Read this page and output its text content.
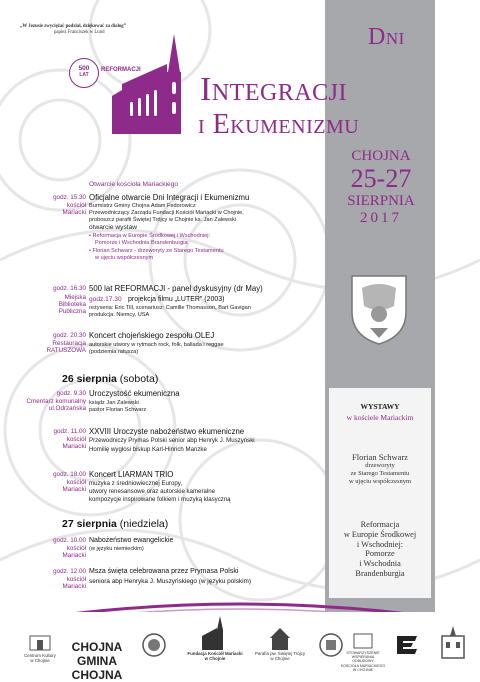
„W Jezusie zwyciężać podział, dziękować za dialog”
papież Franciszek w Lund
500
LAT
REFORMACJI
Dni
Integracji
i Ekumenizmu
CHOJNA
25-27
SIERPNIA
2017
Otwarcie kościoła Mariackiego
godz. 15.30
kościół
Mariacki
Oficjalne otwarcie Dni Integracji i Ekumenizmu
Burmistrz Gminy Chojna Adam Fedorowicz
Przewodniczący Zarządu Fundacji Kościół Mariacki w Chojnie,
proboszcz parafii Świętej Trójcy w Chojnie ks. Jan Zalewski
otwarcie wystaw
• Reformacja w Europie Środkowej i Wschodniej:
Pomorze i Wschodnia Brandenburgia
• Florian Schwarz - drzeworyty ze Starego Testamentu
w ujęciu współczesnym
godz. 16.30
Miejska
Biblioteka
Publiczna
500 lat REFORMACJI - panel dyskusyjny (dr May)
godz.17.30 projekcja filmu „LUTER” (2003)
reżyseria: Eric Till, scenariusz: Camille Thomasson, Bart Gavigan
produkcja: Niemcy, USA
godz. 20.30
Restauracja
RATUSZOWA
Koncert chojeńskiego zespołu OLEJ
autorskie utwory w rytmach rock, folk, ballada i reggae
(podziemia ratusza)
26 sierpnia (sobota)
godz. 9.30
Cmentarz komunalny
ul.Odrzańska
Uroczystość ekumeniczna
ksiądz Jan Zalewski
pastor Florian Schwarz
godz. 11.00
kościół
Mariacki
XXVIII Uroczyste nabożeństwo ekumeniczne
Przewodniczy Prymas Polski senior abp Henryk J. Muszyński
Homilię wygłosi biskup Karl-Hinrich Manzke
godz. 18.00
kościół
Mariacki
Koncert LIARMAN TRIO
muzyka z średniowiecznej Europy,
utwory renesansowe oraz autorskie kameralne
kompozycje inspirowane folkiem i muzyką klasyczną
27 sierpnia (niedziela)
godz. 10.00
kościół
Mariacki
Nabożeństwo ewangelickie
(w języku niemieckim)
godz. 12.00
kościół
Mariacki
Msza święta celebrowana przez Prymasa Polski
seniora abp Henryka J. Muszyńskiego (w języku polskim)
WYSTAWY
w kościele Mariackim
Florian Schwarz
drzeworyty
ze Starego Testamentu
w ujęciu współczesnym
Reformacja
w Europie Środkowej
i Wschodniej:
Pomorze
i Wschodnia
Brandenburgia
Centrum Kultury
w Chojnie
CHOJNA
GMINA CHOJNA
Fundacja Kościół Mariacki
w Chojnie
Parafia pw. Świętej Trójcy
w Chojnie
STOWARZYSZENIE
WSPIERANIA
ODBUDOWY
KOŚCIOŁA MARIACKIEGO
W CHOJNIE
